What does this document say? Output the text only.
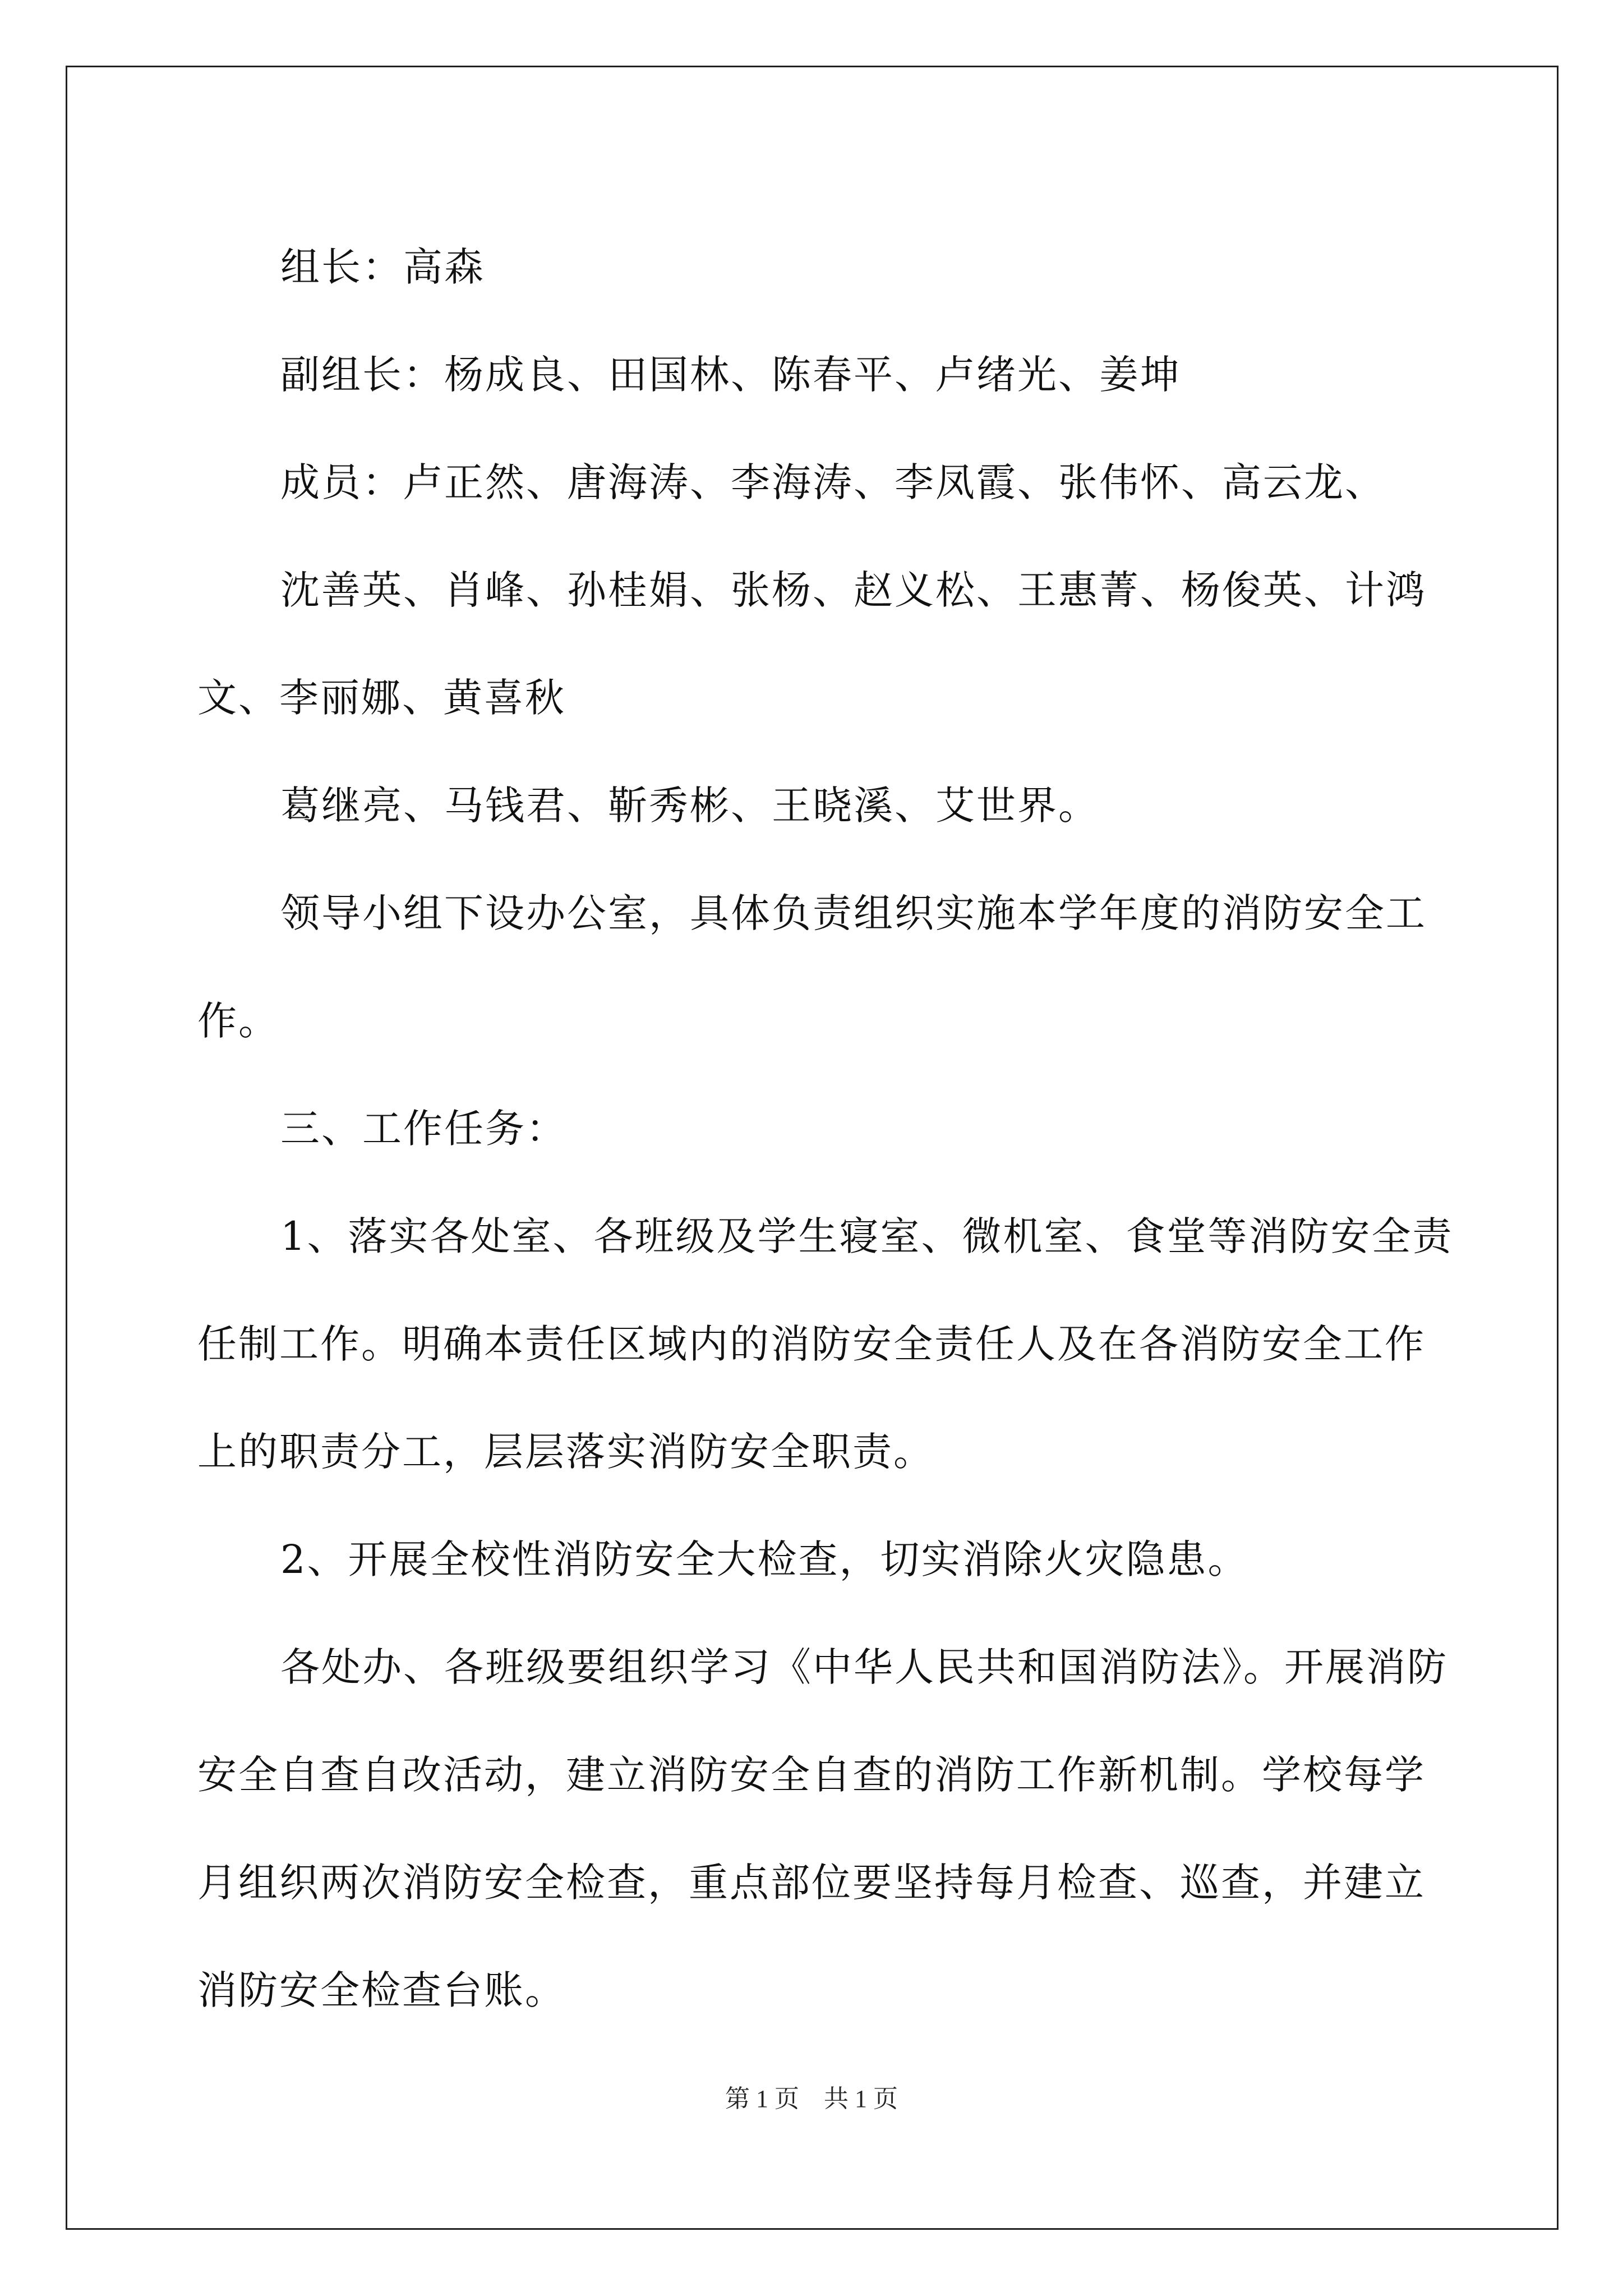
组长：高森

副组长：杨成良、田国林、陈春平、卢绪光、姜坤

成员：卢正然、唐海涛、李海涛、李凤霞、张伟怀、高云龙、

沈善英、肖峰、孙桂娟、张杨、赵义松、王惠菁、杨俊英、计鸿

文、李丽娜、黄喜秋

葛继亮、马钱君、靳秀彬、王晓溪、艾世界。

领导小组下设办公室，具体负责组织实施本学年度的消防安全工

作。

三、工作任务：

1、落实各处室、各班级及学生寝室、微机室、食堂等消防安全责

任制工作。明确本责任区域内的消防安全责任人及在各消防安全工作

上的职责分工，层层落实消防安全职责。

2、开展全校性消防安全大检查，切实消除火灾隐患。

各处办、各班级要组织学习《中华人民共和国消防法》。开展消防

安全自查自改活动，建立消防安全自查的消防工作新机制。学校每学

月组织两次消防安全检查，重点部位要坚持每月检查、巡查，并建立

消防安全检查台账。

第 1 页　共 1 页
